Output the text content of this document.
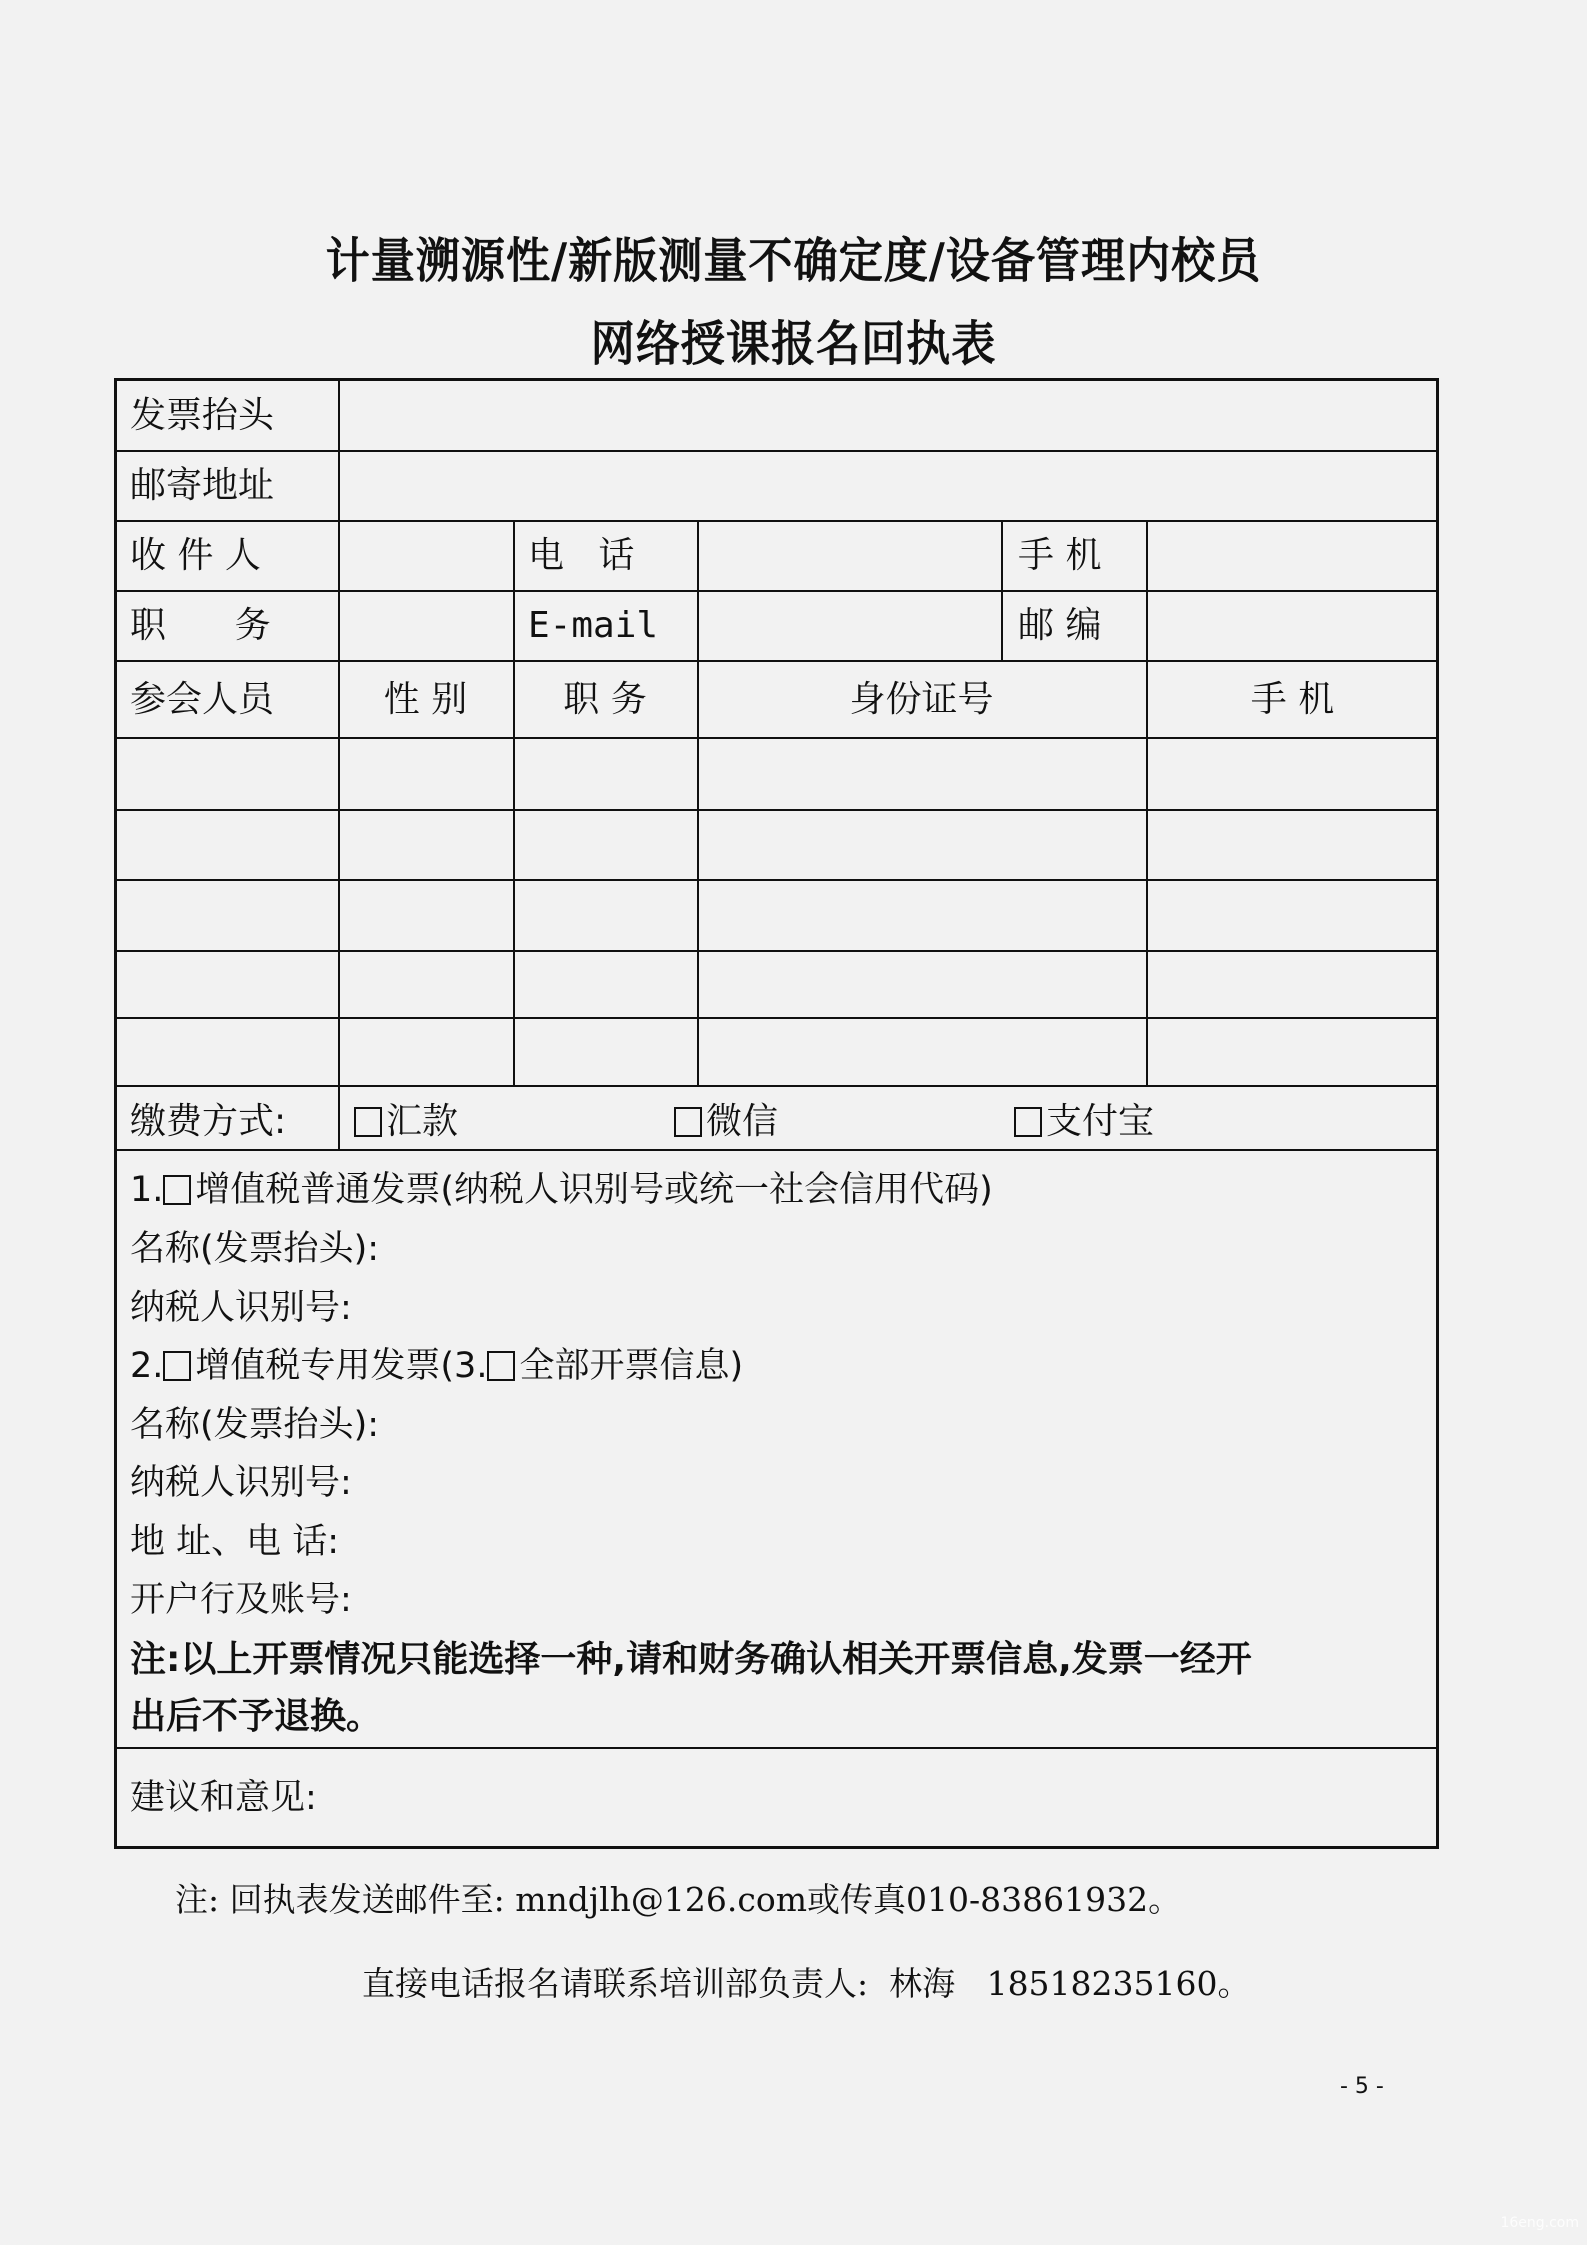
计量溯源性/新版测量不确定度/设备管理内校员
网络授课报名回执表
发票抬头
邮寄地址
收 件 人	电   话	手 机
职      务	E-mail	邮 编
参会人员	性 别	职 务	身份证号	手 机
缴费方式:	汇款	微信	支付宝
1. 增值税普通发票(纳税人识别号或统一社会信用代码)
名称(发票抬头):
纳税人识别号:
2. 增值税专用发票(3. 全部开票信息)
名称(发票抬头):
纳税人识别号:
地 址、电 话:
开户行及账号:
注:以上开票情况只能选择一种,请和财务确认相关开票信息,发票一经开
出后不予退换。
建议和意见:
注: 回执表发送邮件至: mndjlh@126.com或传真010-83861932。
直接电话报名请联系培训部负责人:  林海   18518235160。
- 5 -
16eng.com
